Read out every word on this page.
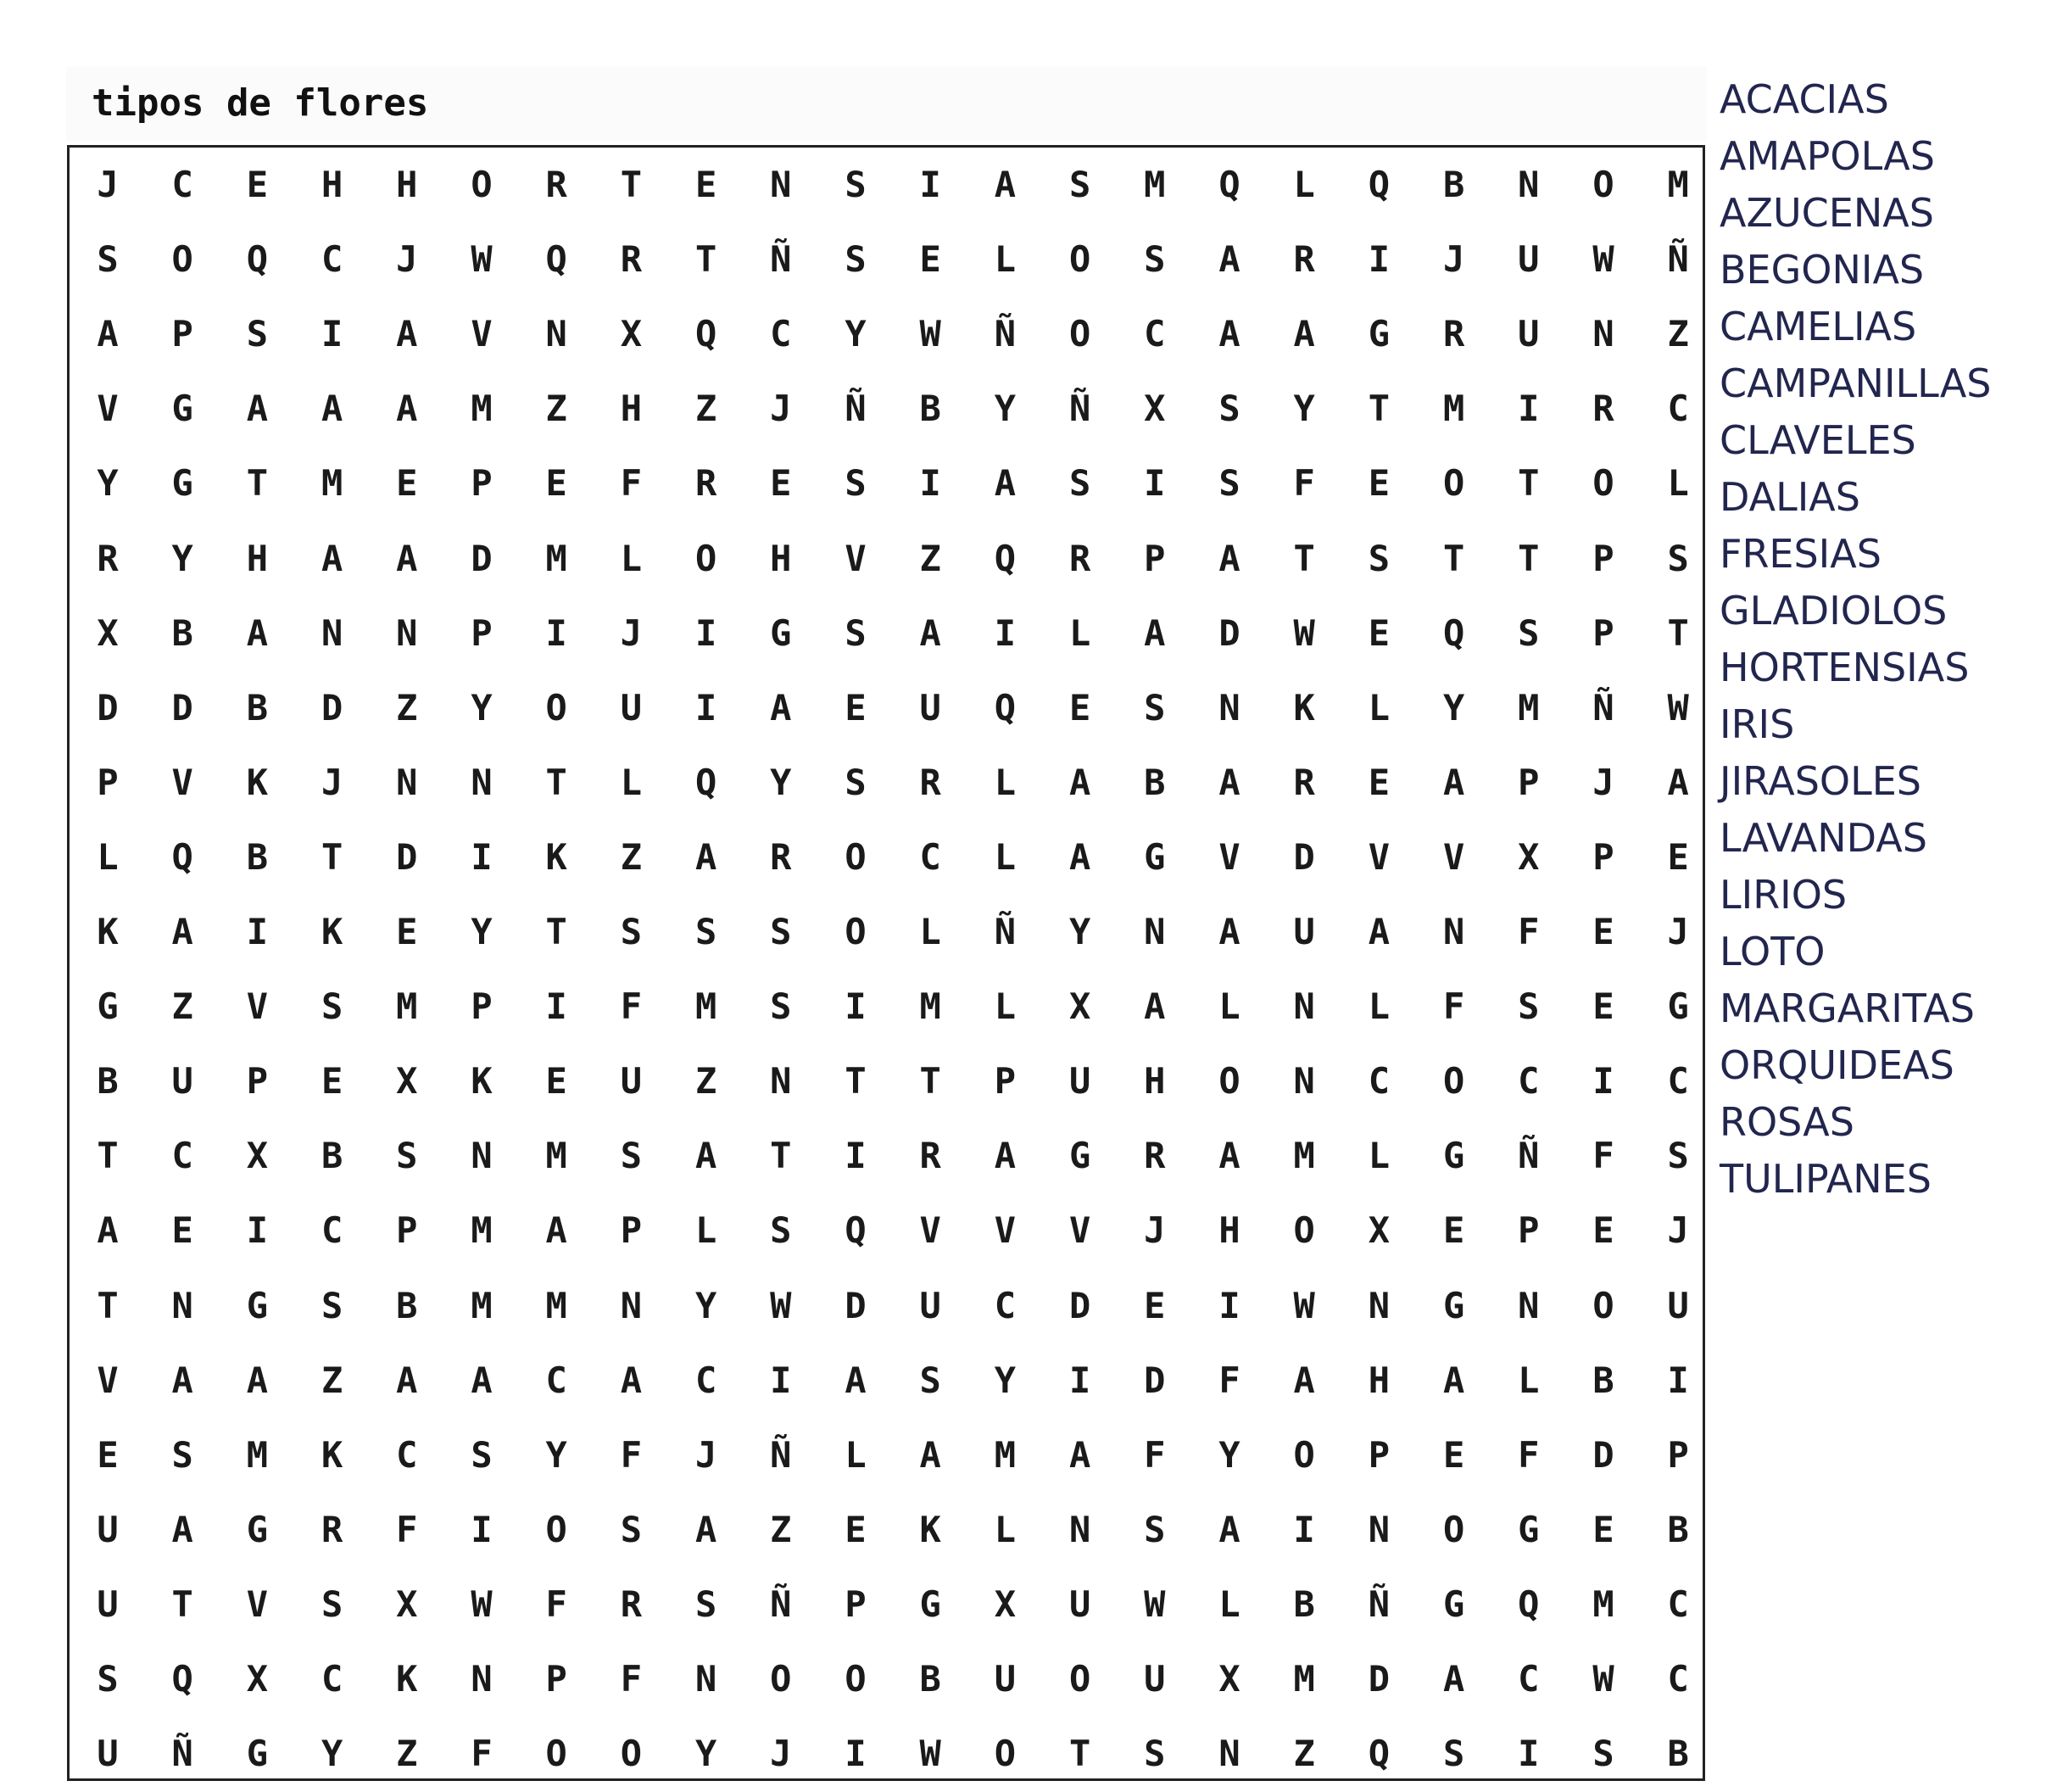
tipos de flores
J	C	E	H	H	O	R	T	E	N	S	I	A	S	M	Q	L	Q	B	N	O	M
S	O	Q	C	J	W	Q	R	T	Ñ	S	E	L	O	S	A	R	I	J	U	W	Ñ
A	P	S	I	A	V	N	X	Q	C	Y	W	Ñ	O	C	A	A	G	R	U	N	Z
V	G	A	A	A	M	Z	H	Z	J	Ñ	B	Y	Ñ	X	S	Y	T	M	I	R	C
Y	G	T	M	E	P	E	F	R	E	S	I	A	S	I	S	F	E	O	T	O	L
R	Y	H	A	A	D	M	L	O	H	V	Z	Q	R	P	A	T	S	T	T	P	S
X	B	A	N	N	P	I	J	I	G	S	A	I	L	A	D	W	E	Q	S	P	T
D	D	B	D	Z	Y	O	U	I	A	E	U	Q	E	S	N	K	L	Y	M	Ñ	W
P	V	K	J	N	N	T	L	Q	Y	S	R	L	A	B	A	R	E	A	P	J	A
L	Q	B	T	D	I	K	Z	A	R	O	C	L	A	G	V	D	V	V	X	P	E
K	A	I	K	E	Y	T	S	S	S	O	L	Ñ	Y	N	A	U	A	N	F	E	J
G	Z	V	S	M	P	I	F	M	S	I	M	L	X	A	L	N	L	F	S	E	G
B	U	P	E	X	K	E	U	Z	N	T	T	P	U	H	O	N	C	O	C	I	C
T	C	X	B	S	N	M	S	A	T	I	R	A	G	R	A	M	L	G	Ñ	F	S
A	E	I	C	P	M	A	P	L	S	Q	V	V	V	J	H	O	X	E	P	E	J
T	N	G	S	B	M	M	N	Y	W	D	U	C	D	E	I	W	N	G	N	O	U
V	A	A	Z	A	A	C	A	C	I	A	S	Y	I	D	F	A	H	A	L	B	I
E	S	M	K	C	S	Y	F	J	Ñ	L	A	M	A	F	Y	O	P	E	F	D	P
U	A	G	R	F	I	O	S	A	Z	E	K	L	N	S	A	I	N	O	G	E	B
U	T	V	S	X	W	F	R	S	Ñ	P	G	X	U	W	L	B	Ñ	G	Q	M	C
S	Q	X	C	K	N	P	F	N	O	O	B	U	O	U	X	M	D	A	C	W	C
U	Ñ	G	Y	Z	F	O	O	Y	J	I	W	O	T	S	N	Z	Q	S	I	S	B
ACACIAS
AMAPOLAS
AZUCENAS
BEGONIAS
CAMELIAS
CAMPANILLAS
CLAVELES
DALIAS
FRESIAS
GLADIOLOS
HORTENSIAS
IRIS
JIRASOLES
LAVANDAS
LIRIOS
LOTO
MARGARITAS
ORQUIDEAS
ROSAS
TULIPANES
